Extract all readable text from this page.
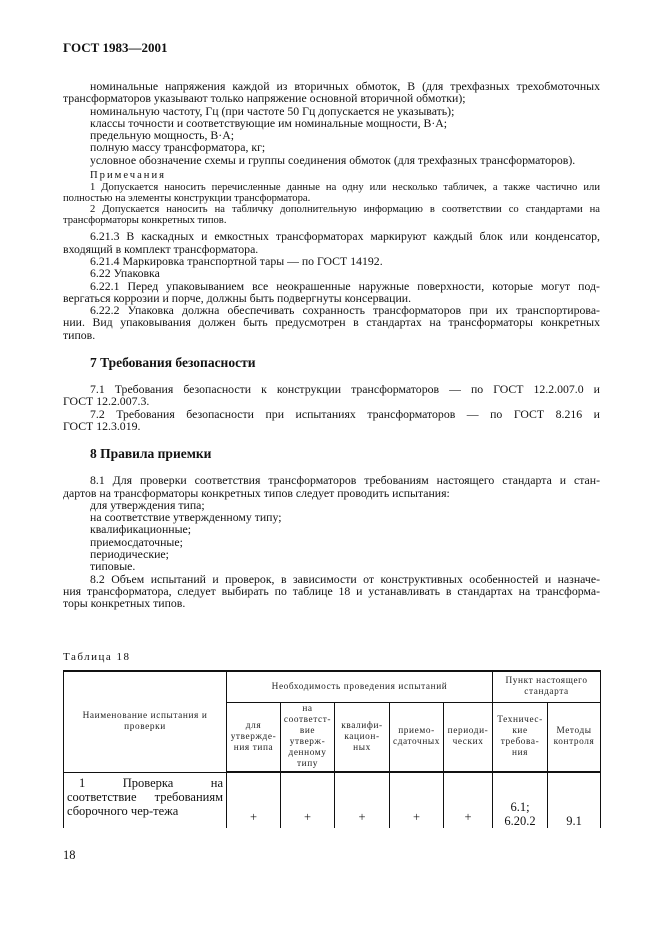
ГОСТ 1983—2001
номинальные напряжения каждой из вторичных обмоток, В (для трехфазных трехобмоточных
трансформаторов указывают только напряжение основной вторичной обмотки);
номинальную частоту, Гц (при частоте 50 Гц допускается не указывать);
классы точности и соответствующие им номинальные мощности, В·А;
предельную мощность, В·А;
полную массу трансформатора, кг;
условное обозначение схемы и группы соединения обмоток (для трехфазных трансформаторов).
Примечания
1 Допускается наносить перечисленные данные на одну или несколько табличек, а также частично или
полностью на элементы конструкции трансформатора.
2 Допускается наносить на табличку дополнительную информацию в соответствии со стандартами на
трансформаторы конкретных типов.
6.21.3 В каскадных и емкостных трансформаторах маркируют каждый блок или конденсатор,
входящий в комплект трансформатора.
6.21.4 Маркировка транспортной тары — по ГОСТ 14192.
6.22 Упаковка
6.22.1 Перед упаковыванием все неокрашенные наружные поверхности, которые могут под-
вергаться коррозии и порче, должны быть подвергнуты консервации.
6.22.2 Упаковка должна обеспечивать сохранность трансформаторов при их транспортирова-
нии. Вид упаковывания должен быть предусмотрен в стандартах на трансформаторы конкретных
типов.
7 Требования безопасности
7.1 Требования безопасности к конструкции трансформаторов — по ГОСТ 12.2.007.0 и
ГОСТ 12.2.007.3.
7.2 Требования безопасности при испытаниях трансформаторов — по ГОСТ 8.216 и
ГОСТ 12.3.019.
8 Правила приемки
8.1 Для проверки соответствия трансформаторов требованиям настоящего стандарта и стан-
дартов на трансформаторы конкретных типов следует проводить испытания:
для утверждения типа;
на соответствие утвержденному типу;
квалификационные;
приемосдаточные;
периодические;
типовые.
8.2 Объем испытаний и проверок, в зависимости от конструктивных особенностей и назначе-
ния трансформатора, следует выбирать по таблице 18 и устанавливать в стандартах на трансформа-
торы конкретных типов.
Таблица 18
Наименование испытания и проверки	Необходимость проведения испытаний					Пункт настоящего стандарта	
	для утвержде-ния типа	на соответст-вие утверж-денному типу	квалифи-кацион-ных	приемо-сдаточных	периоди-ческих	Техничес-кие требова-ния	Методы контроля
1 Проверка на соответствие требованиям сборочного чер-тежа	+	+	+	+	+	6.1; 6.20.2	9.1
18
